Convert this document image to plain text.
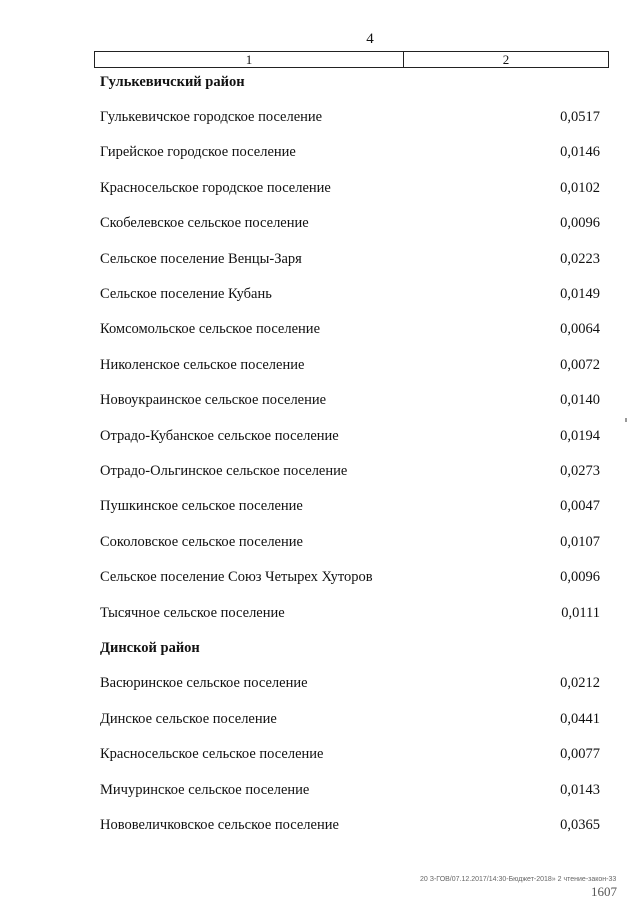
4
1	2
Гулькевичский район
Гулькевичское городское поселение	0,0517
Гирейское городское поселение	0,0146
Красносельское городское поселение	0,0102
Скобелевское сельское поселение	0,0096
Сельское поселение Венцы-Заря	0,0223
Сельское поселение Кубань	0,0149
Комсомольское сельское поселение	0,0064
Николенское сельское поселение	0,0072
Новоукраинское сельское поселение	0,0140
Отрадо-Кубанское сельское поселение	0,0194
Отрадо-Ольгинское сельское поселение	0,0273
Пушкинское сельское поселение	0,0047
Соколовское сельское поселение	0,0107
Сельское поселение Союз Четырех Хуторов	0,0096
Тысячное сельское поселение	0,0111
Динской район
Васюринское сельское поселение	0,0212
Динское сельское поселение	0,0441
Красносельское сельское поселение	0,0077
Мичуринское сельское поселение	0,0143
Нововеличковское сельское поселение	0,0365
20 З-ГОВ/07.12.2017/14:30-Бюджет-2018» 2 чтение-закон-33
1607
